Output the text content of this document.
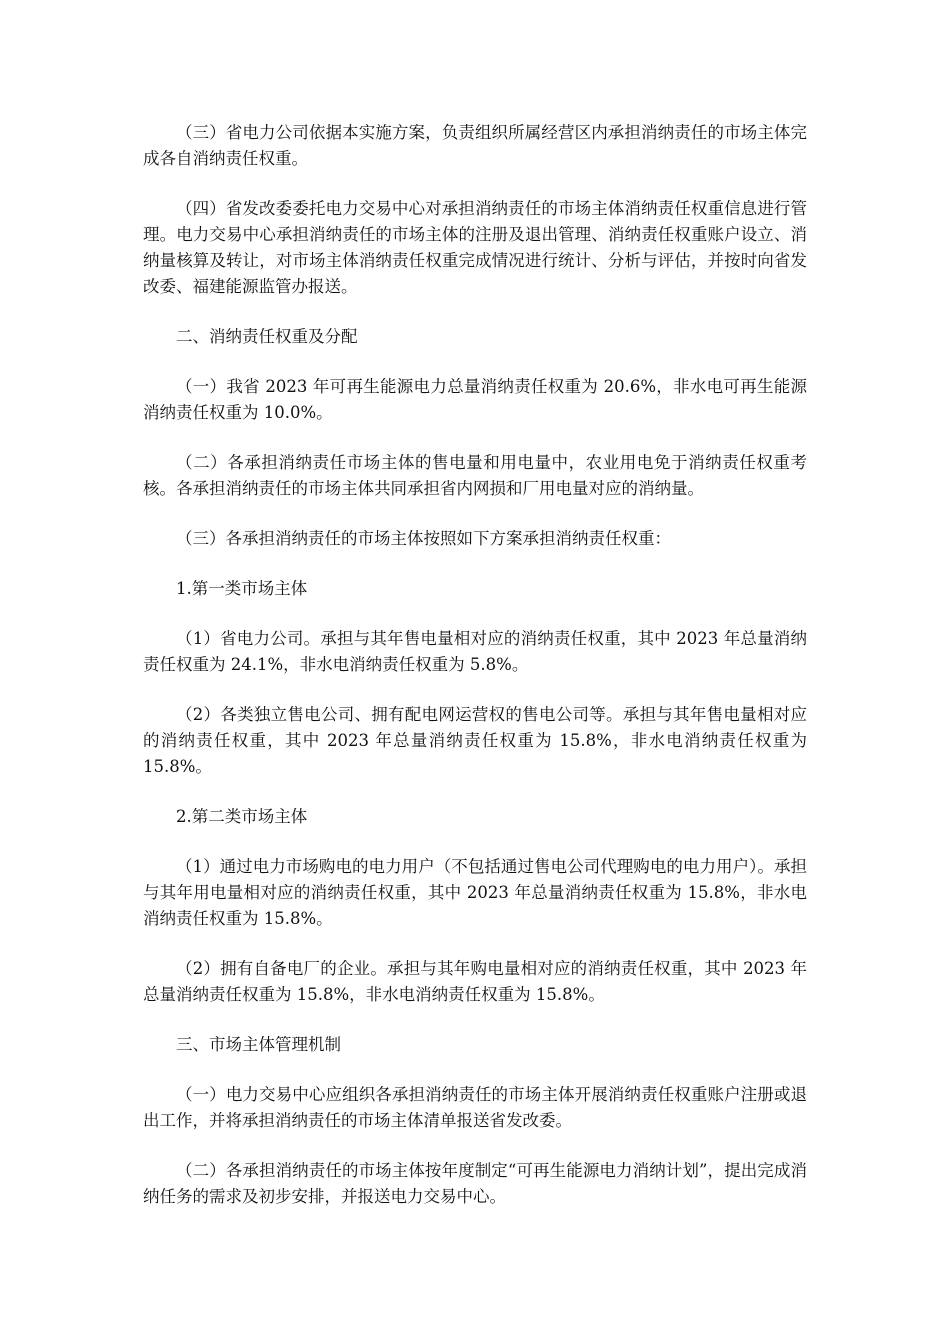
（三）省电力公司依据本实施方案，负责组织所属经营区内承担消纳责任的市场主体完成各自消纳责任权重。

（四）省发改委委托电力交易中心对承担消纳责任的市场主体消纳责任权重信息进行管理。电力交易中心承担消纳责任的市场主体的注册及退出管理、消纳责任权重账户设立、消纳量核算及转让，对市场主体消纳责任权重完成情况进行统计、分析与评估，并按时向省发改委、福建能源监管办报送。

二、消纳责任权重及分配

（一）我省 2023 年可再生能源电力总量消纳责任权重为 20.6%，非水电可再生能源消纳责任权重为 10.0%。

（二）各承担消纳责任市场主体的售电量和用电量中，农业用电免于消纳责任权重考核。各承担消纳责任的市场主体共同承担省内网损和厂用电量对应的消纳量。

（三）各承担消纳责任的市场主体按照如下方案承担消纳责任权重：

1.第一类市场主体

（1）省电力公司。承担与其年售电量相对应的消纳责任权重，其中 2023 年总量消纳责任权重为 24.1%，非水电消纳责任权重为 5.8%。

（2）各类独立售电公司、拥有配电网运营权的售电公司等。承担与其年售电量相对应的消纳责任权重，其中 2023 年总量消纳责任权重为 15.8%，非水电消纳责任权重为 15.8%。

2.第二类市场主体

（1）通过电力市场购电的电力用户（不包括通过售电公司代理购电的电力用户）。承担与其年用电量相对应的消纳责任权重，其中 2023 年总量消纳责任权重为 15.8%，非水电消纳责任权重为 15.8%。

（2）拥有自备电厂的企业。承担与其年购电量相对应的消纳责任权重，其中 2023 年总量消纳责任权重为 15.8%，非水电消纳责任权重为 15.8%。

三、市场主体管理机制

（一）电力交易中心应组织各承担消纳责任的市场主体开展消纳责任权重账户注册或退出工作，并将承担消纳责任的市场主体清单报送省发改委。

（二）各承担消纳责任的市场主体按年度制定“可再生能源电力消纳计划”，提出完成消纳任务的需求及初步安排，并报送电力交易中心。
